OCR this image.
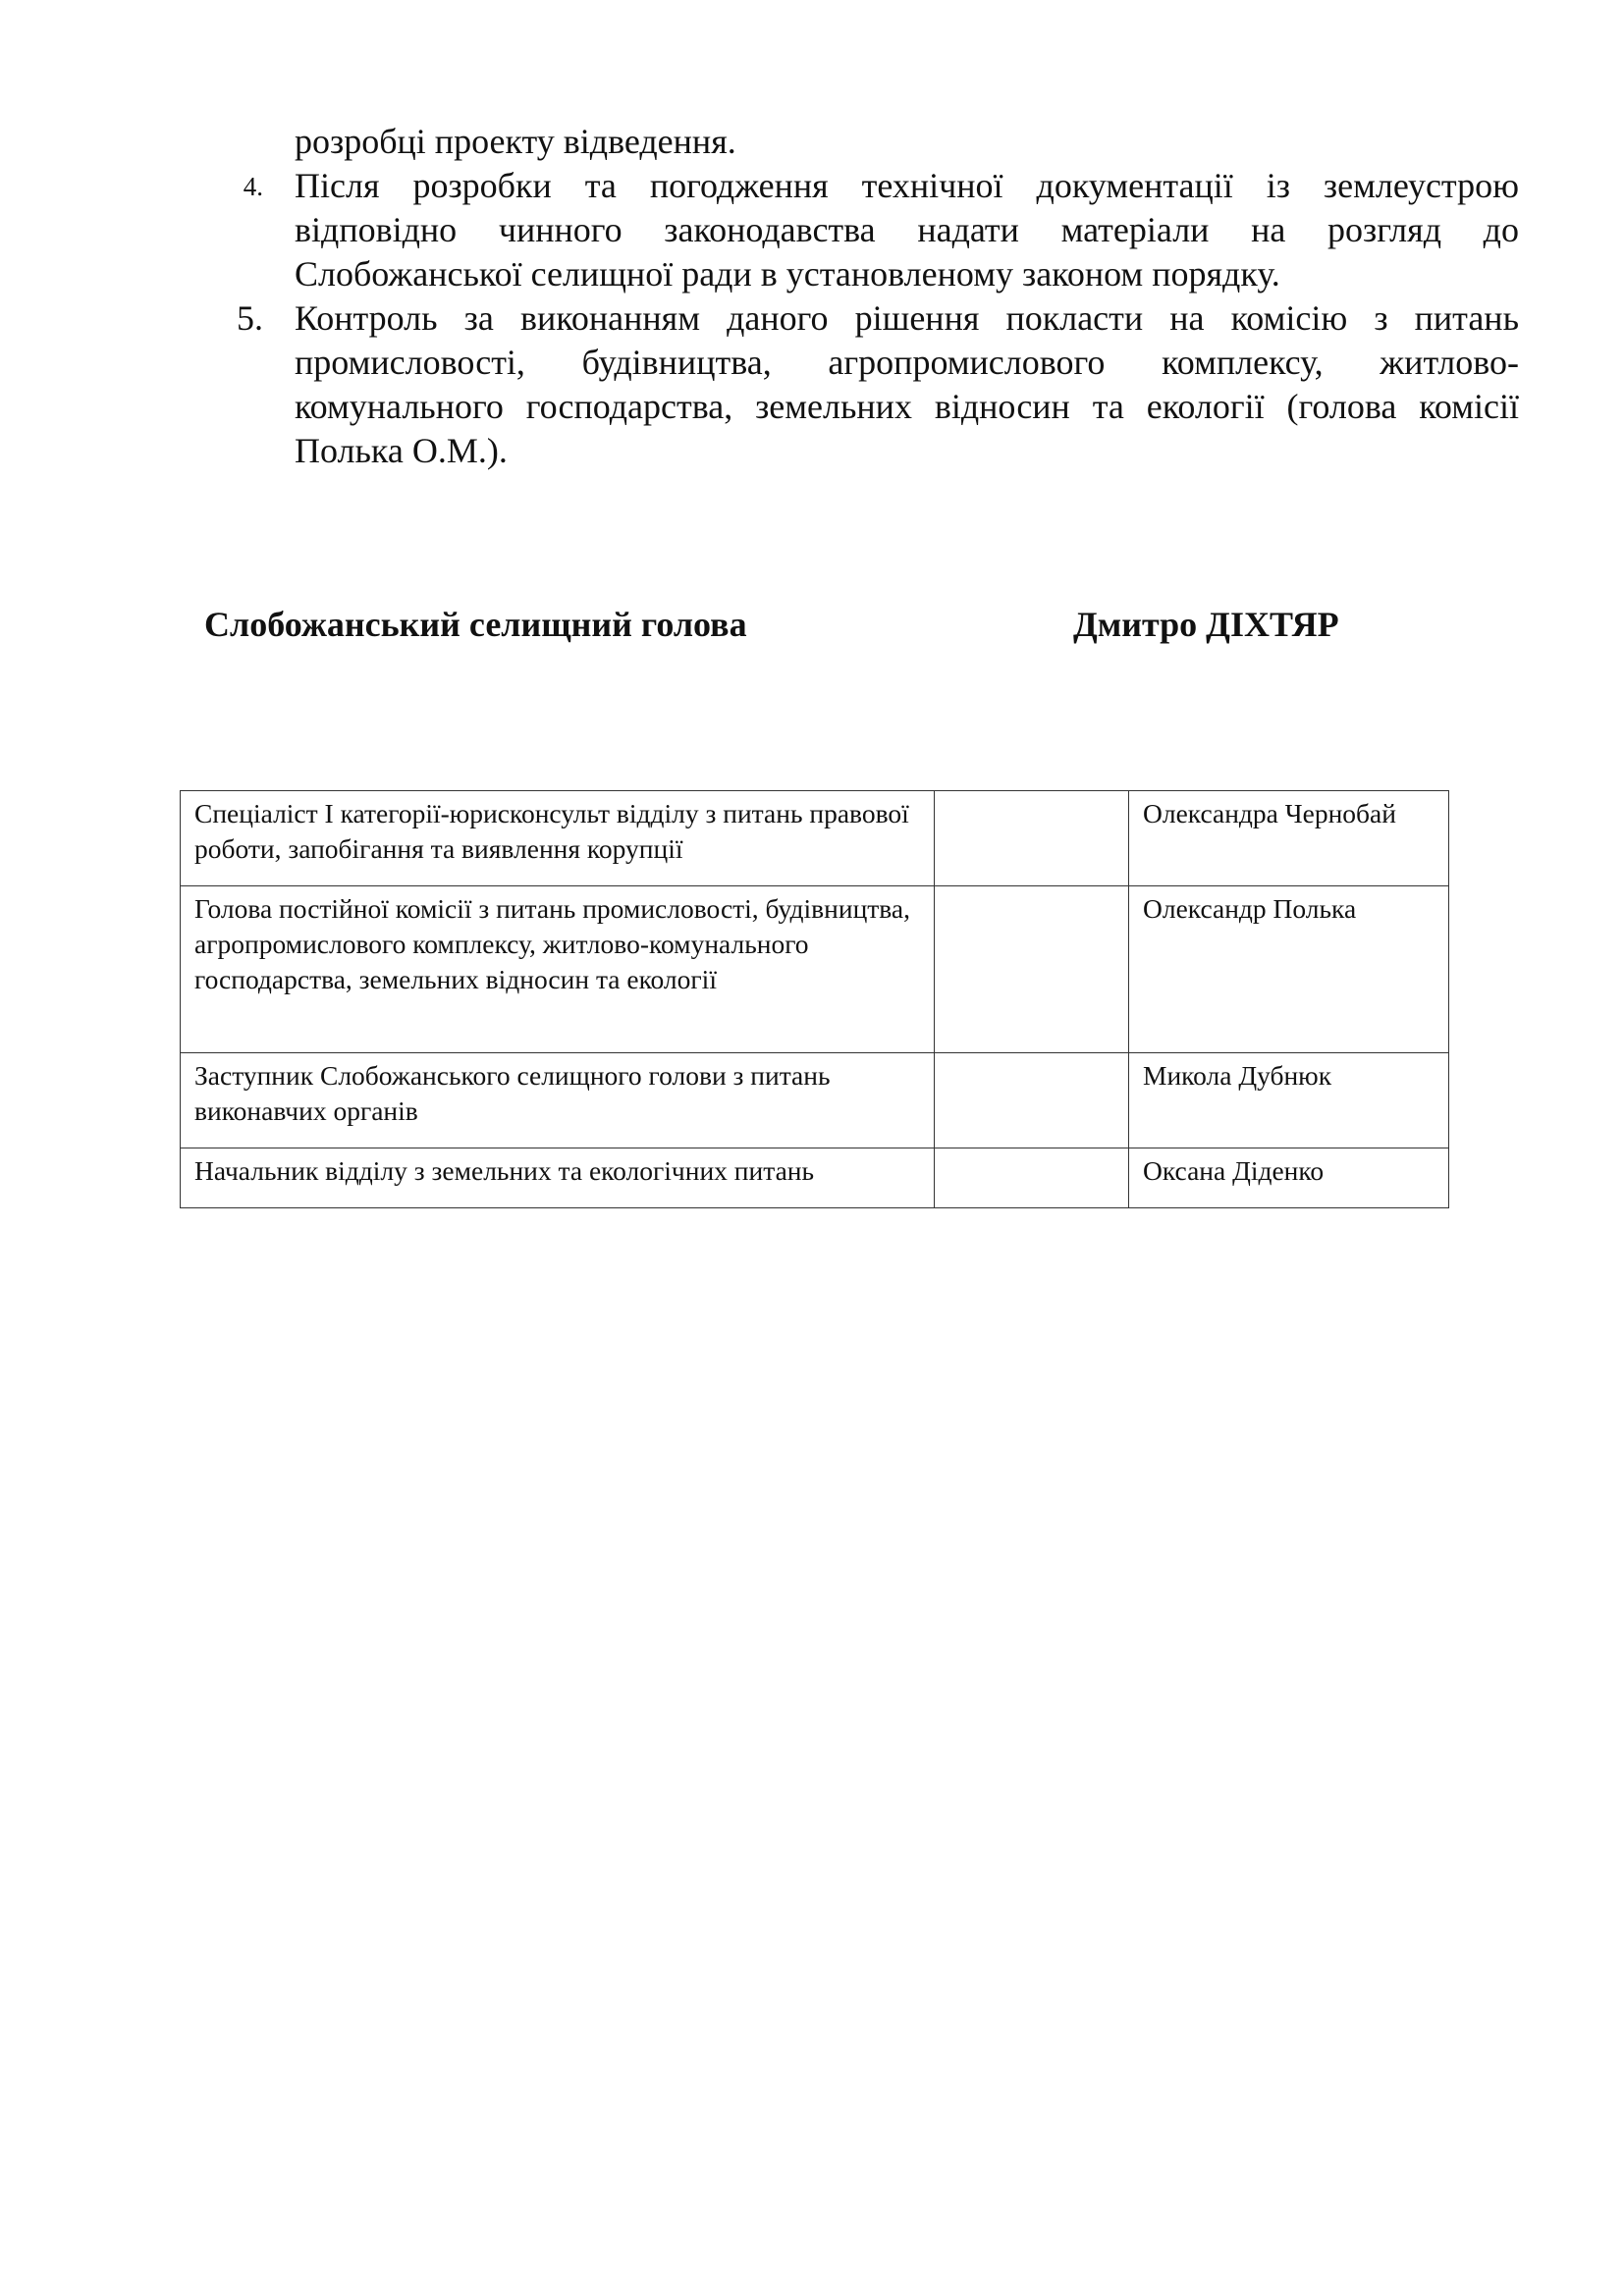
розробці проекту відведення.
4. Після розробки та погодження технічної документації із землеустрою
відповідно чинного законодавства надати матеріали на розгляд до
Слобожанської селищної ради в установленому законом порядку.
5. Контроль за виконанням даного рішення покласти на комісію з питань
промисловості, будівництва, агропромислового комплексу, житлово-
комунального господарства, земельних відносин та екології (голова комісії
Полька О.М.).
Слобожанський селищний голова	Дмитро ДІХТЯР
Спеціаліст І категорії-юрисконсульт відділу з питань правової роботи, запобігання та виявлення корупції		Олександра Чернобай
Голова постійної комісії з питань промисловості, будівництва, агропромислового комплексу, житлово-комунального господарства, земельних відносин та екології		Олександр Полька
Заступник Слобожанського селищного голови з питань виконавчих органів		Микола Дубнюк
Начальник відділу з земельних та екологічних питань		Оксана Діденко
